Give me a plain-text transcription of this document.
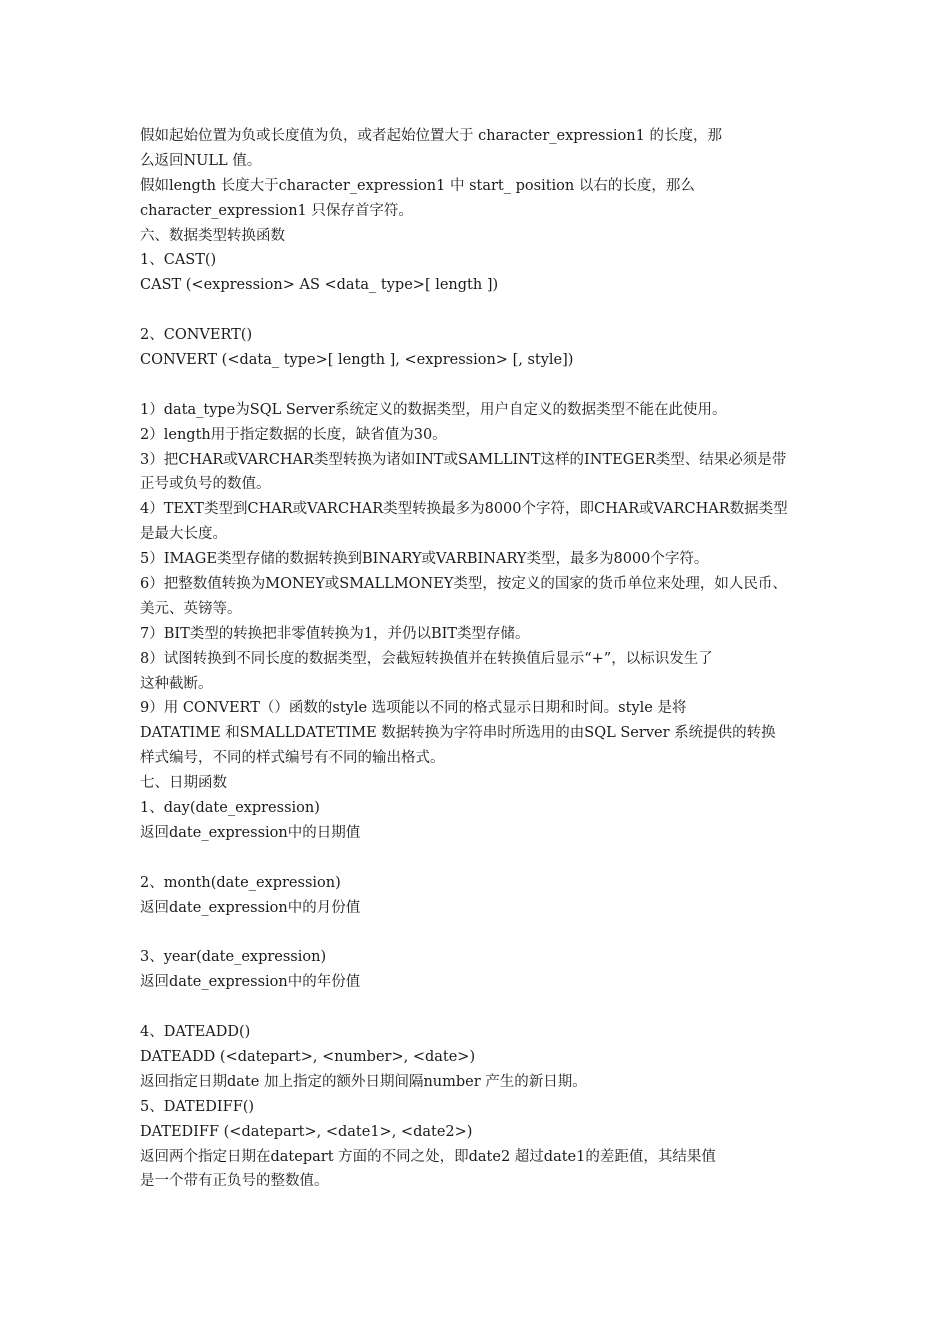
假如起始位置为负或长度值为负，或者起始位置大于 character_expression1 的长度，那
么返回NULL 值。
假如length 长度大于character_expression1 中 start_ position 以右的长度，那么
character_expression1 只保存首字符。
六、数据类型转换函数
1、CAST()
CAST (<expression> AS <data_ type>[ length ])
2、CONVERT()
CONVERT (<data_ type>[ length ], <expression> [, style])
1）data_type为SQL Server系统定义的数据类型，用户自定义的数据类型不能在此使用。
2）length用于指定数据的长度，缺省值为30。
3）把CHAR或VARCHAR类型转换为诸如INT或SAMLLINT这样的INTEGER类型、结果必须是带
正号或负号的数值。
4）TEXT类型到CHAR或VARCHAR类型转换最多为8000个字符，即CHAR或VARCHAR数据类型
是最大长度。
5）IMAGE类型存储的数据转换到BINARY或VARBINARY类型，最多为8000个字符。
6）把整数值转换为MONEY或SMALLMONEY类型，按定义的国家的货币单位来处理，如人民币、
美元、英镑等。
7）BIT类型的转换把非零值转换为1，并仍以BIT类型存储。
8）试图转换到不同长度的数据类型，会截短转换值并在转换值后显示“+”，以标识发生了
这种截断。
9）用 CONVERT（）函数的style 选项能以不同的格式显示日期和时间。style 是将
DATATIME 和SMALLDATETIME 数据转换为字符串时所选用的由SQL Server 系统提供的转换
样式编号，不同的样式编号有不同的输出格式。
七、日期函数
1、day(date_expression)
返回date_expression中的日期值
2、month(date_expression)
返回date_expression中的月份值
3、year(date_expression)
返回date_expression中的年份值
4、DATEADD()
DATEADD (<datepart>, <number>, <date>)
返回指定日期date 加上指定的额外日期间隔number 产生的新日期。
5、DATEDIFF()
DATEDIFF (<datepart>, <date1>, <date2>)
返回两个指定日期在datepart 方面的不同之处，即date2 超过date1的差距值，其结果值
是一个带有正负号的整数值。
